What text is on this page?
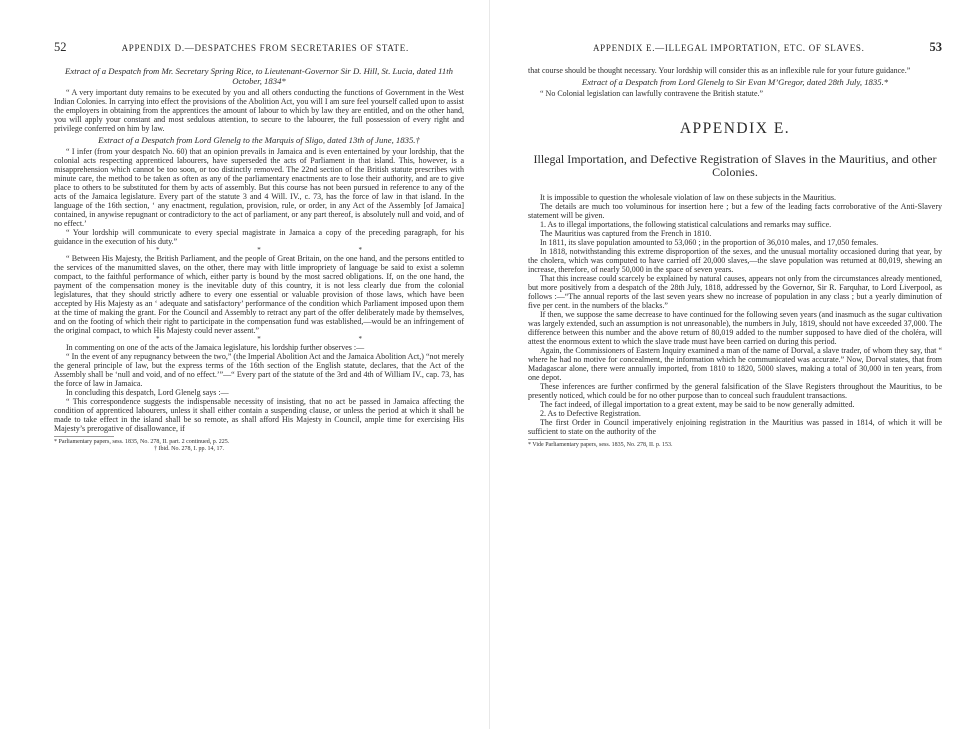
52	APPENDIX D.—DESPATCHES FROM SECRETARIES OF STATE.
Extract of a Despatch from Mr. Secretary Spring Rice, to Lieutenant-Governor Sir D. Hill, St. Lucia, dated 11th October, 1834*

“ A very important duty remains to be executed by you and all others conducting the functions of Government in the West Indian Colonies. In carrying into effect the provisions of the Abolition Act, you will I am sure feel yourself called upon to assist the employers in obtaining from the apprentices the amount of labour to which by law they are entitled, and on the other hand, you will apply your constant and most sedulous attention, to secure to the labourer, the full possession of every right and privilege conferred on him by law.

Extract of a Despatch from Lord Glenelg to the Marquis of Sligo, dated 13th of June, 1835.†

“ I infer (from your despatch No. 60) that an opinion prevails in Jamaica and is even entertained by your lordship, that the colonial acts respecting apprenticed labourers, have superseded the acts of Parliament in that island. This, however, is a misapprehension which cannot be too soon, or too distinctly removed. The 22nd section of the British statute prescribes with minute care, the method to be taken as often as any of the parliamentary enactments are to lose their authority, and are to give place to others to be substituted for them by acts of assembly. But this course has not been pursued in reference to any of the acts of the Jamaica legislature. Every part of the statute 3 and 4 Will. IV., c. 73, has the force of law in that island. In the language of the 16th section, ‘ any enactment, regulation, provision, rule, or order, in any Act of the Assembly [of Jamaica] contained, in anywise repugnant or contradictory to the act of parliament, or any part thereof, is absolutely null and void, and of no effect.’

“ Your lordship will communicate to every special magistrate in Jamaica a copy of the preceding paragraph, for his guidance in the execution of his duty.”

* * *

“ Between His Majesty, the British Parliament, and the people of Great Britain, on the one hand, and the persons entitled to the services of the manumitted slaves, on the other, there may with little impropriety of language be said to exist a solemn compact, to the faithful performance of which, either party is bound by the most sacred obligations. If, on the one hand, the payment of the compensation money is the inevitable duty of this country, it is not less clearly due from the colonial legislatures, that they should strictly adhere to every one essential or valuable provision of those laws, which have been accepted by His Majesty as an ‘ adequate and satisfactory’ performance of the condition which Parliament imposed upon them at the time of making the grant. For the Council and Assembly to retract any part of the offer deliberately made by themselves, and on the footing of which their right to participate in the compensation fund was established,—would be an infringement of the original compact, to which His Majesty could never assent.”

* * *

In commenting on one of the acts of the Jamaica legislature, his lordship further observes :—

“ In the event of any repugnancy between the two,” (the Imperial Abolition Act and the Jamaica Abolition Act,) “not merely the general principle of law, but the express terms of the 16th section of the English statute, declares, that the Act of the Assembly shall be ‘null and void, and of no effect.’”—“ Every part of the statute of the 3rd and 4th of William IV., cap. 73, has the force of law in Jamaica.

In concluding this despatch, Lord Glenelg says :—

“ This correspondence suggests the indispensable necessity of insisting, that no act be passed in Jamaica affecting the condition of apprenticed labourers, unless it shall either contain a suspending clause, or unless the period at which it shall be made to take effect in the island shall be so remote, as shall afford His Majesty in Council, ample time for exercising His Majesty’s prerogative of disallowance, if

* Parliamentary papers, sess. 1835, No. 278, II. part. 2 continued, p. 225.
† Ibid. No. 278, I. pp. 14, 17.
APPENDIX E.—ILLEGAL IMPORTATION, ETC. OF SLAVES.	53

that course should be thought necessary. Your lordship will consider this as an inflexible rule for your future guidance.”

Extract of a Despatch from Lord Glenelg to Sir Evan M’Gregor, dated 28th July, 1835.*

“ No Colonial legislation can lawfully contravene the British statute.”

APPENDIX E.
Illegal Importation, and Defective Registration of Slaves in the Mauritius, and other Colonies.

It is impossible to question the wholesale violation of law on these subjects in the Mauritius.

The details are much too voluminous for insertion here ; but a few of the leading facts corroborative of the Anti-Slavery statement will be given.

1. As to illegal importations, the following statistical calculations and remarks may suffice.

The Mauritius was captured from the French in 1810.

In 1811, its slave population amounted to 53,060 ; in the proportion of 36,010 males, and 17,050 females.

In 1818, notwithstanding this extreme disproportion of the sexes, and the unusual mortality occasioned during that year, by the cholera, which was computed to have carried off 20,000 slaves,—the slave population was returned at 80,019, shewing an increase, therefore, of nearly 50,000 in the space of seven years.

That this increase could scarcely be explained by natural causes, appears not only from the circumstances already mentioned, but more positively from a despatch of the 28th July, 1818, addressed by the Governor, Sir R. Farquhar, to Lord Liverpool, as follows :—“The annual reports of the last seven years shew no increase of population in any class ; but a yearly diminution of five per cent. in the numbers of the blacks.”

If then, we suppose the same decrease to have continued for the following seven years (and inasmuch as the sugar cultivation was largely extended, such an assumption is not unreasonable), the numbers in July, 1819, should not have exceeded 37,000. The difference between this number and the above return of 80,019 added to the number supposed to have died of the choléra, will attest the enormous extent to which the slave trade must have been carried on during this period.

Again, the Commissioners of Eastern Inquiry examined a man of the name of Dorval, a slave trader, of whom they say, that “ where he had no motive for concealment, the information which he communicated was accurate.” Now, Dorval states, that from Madagascar alone, there were annually imported, from 1810 to 1820, 5000 slaves, making a total of 30,000 in ten years, from one depot.

These inferences are further confirmed by the general falsification of the Slave Registers throughout the Mauritius, to be presently noticed, which could be for no other purpose than to conceal such fraudulent transactions.

The fact indeed, of illegal importation to a great extent, may be said to be now generally admitted.

2. As to Defective Registration.

The first Order in Council imperatively enjoining registration in the Mauritius was passed in 1814, of which it will be sufficient to state on the authority of the

* Vide Parliamentary papers, sess. 1835, No. 278, II. p. 153.
